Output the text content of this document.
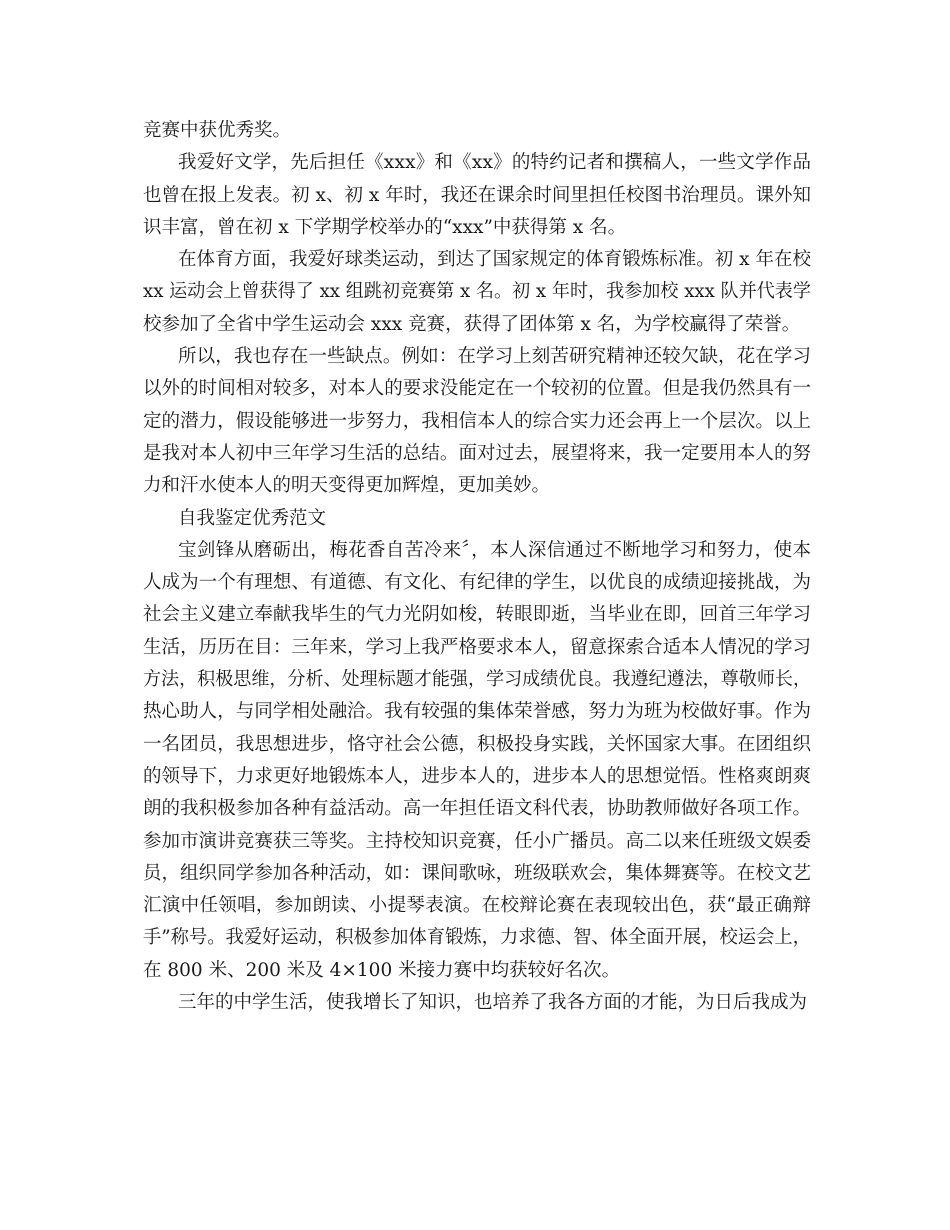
竞赛中获优秀奖。
我爱好文学，先后担任《xxx》和《xx》的特约记者和撰稿人，一些文学作品
也曾在报上发表。初 x、初 x 年时，我还在课余时间里担任校图书治理员。课外知
识丰富，曾在初 x 下学期学校举办的“xxx”中获得第 x 名。
在体育方面，我爱好球类运动，到达了国家规定的体育锻炼标准。初 x 年在校
xx 运动会上曾获得了 xx 组跳初竞赛第 x 名。初 x 年时，我参加校 xxx 队并代表学
校参加了全省中学生运动会 xxx 竞赛，获得了团体第 x 名，为学校赢得了荣誉。
所以，我也存在一些缺点。例如：在学习上刻苦研究精神还较欠缺，花在学习
以外的时间相对较多，对本人的要求没能定在一个较初的位置。但是我仍然具有一
定的潜力，假设能够进一步努力，我相信本人的综合实力还会再上一个层次。以上
是我对本人初中三年学习生活的总结。面对过去，展望将来，我一定要用本人的努
力和汗水使本人的明天变得更加辉煌，更加美妙。
自我鉴定优秀范文
宝剑锋从磨砺出，梅花香自苦冷来〞，本人深信通过不断地学习和努力，使本
人成为一个有理想、有道德、有文化、有纪律的学生，以优良的成绩迎接挑战，为
社会主义建立奉献我毕生的气力光阴如梭，转眼即逝，当毕业在即，回首三年学习
生活，历历在目：三年来，学习上我严格要求本人，留意探索合适本人情况的学习
方法，积极思维，分析、处理标题才能强，学习成绩优良。我遵纪遵法，尊敬师长，
热心助人，与同学相处融洽。我有较强的集体荣誉感，努力为班为校做好事。作为
一名团员，我思想进步，恪守社会公德，积极投身实践，关怀国家大事。在团组织
的领导下，力求更好地锻炼本人，进步本人的，进步本人的思想觉悟。性格爽朗爽
朗的我积极参加各种有益活动。高一年担任语文科代表，协助教师做好各项工作。
参加市演讲竞赛获三等奖。主持校知识竞赛，任小广播员。高二以来任班级文娱委
员，组织同学参加各种活动，如：课间歌咏，班级联欢会，集体舞赛等。在校文艺
汇演中任领唱，参加朗读、小提琴表演。在校辩论赛在表现较出色，获“最正确辩
手”称号。我爱好运动，积极参加体育锻炼，力求德、智、体全面开展，校运会上，
在 800 米、200 米及 4×100 米接力赛中均获较好名次。
三年的中学生活，使我增长了知识，也培养了我各方面的才能，为日后我成为
